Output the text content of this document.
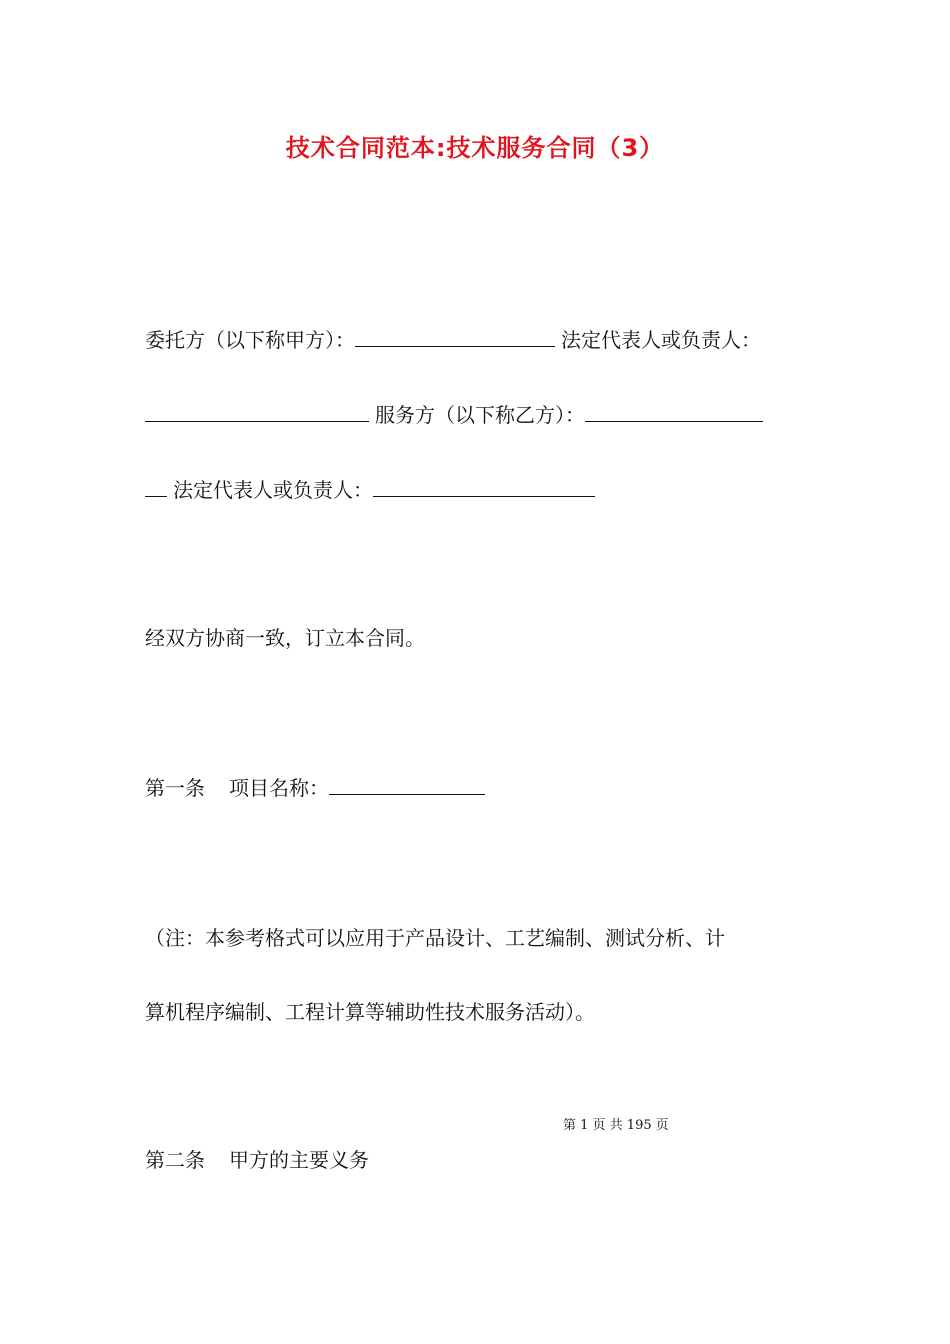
技术合同范本:技术服务合同（3）
委托方（以下称甲方）：	法定代表人或负责人：
服务方（以下称乙方）：
法定代表人或负责人：
经双方协商一致，订立本合同。
第一条 项目名称：
（注：本参考格式可以应用于产品设计、工艺编制、测试分析、计
算机程序编制、工程计算等辅助性技术服务活动）。
第 1 页 共 195 页
第二条 甲方的主要义务
